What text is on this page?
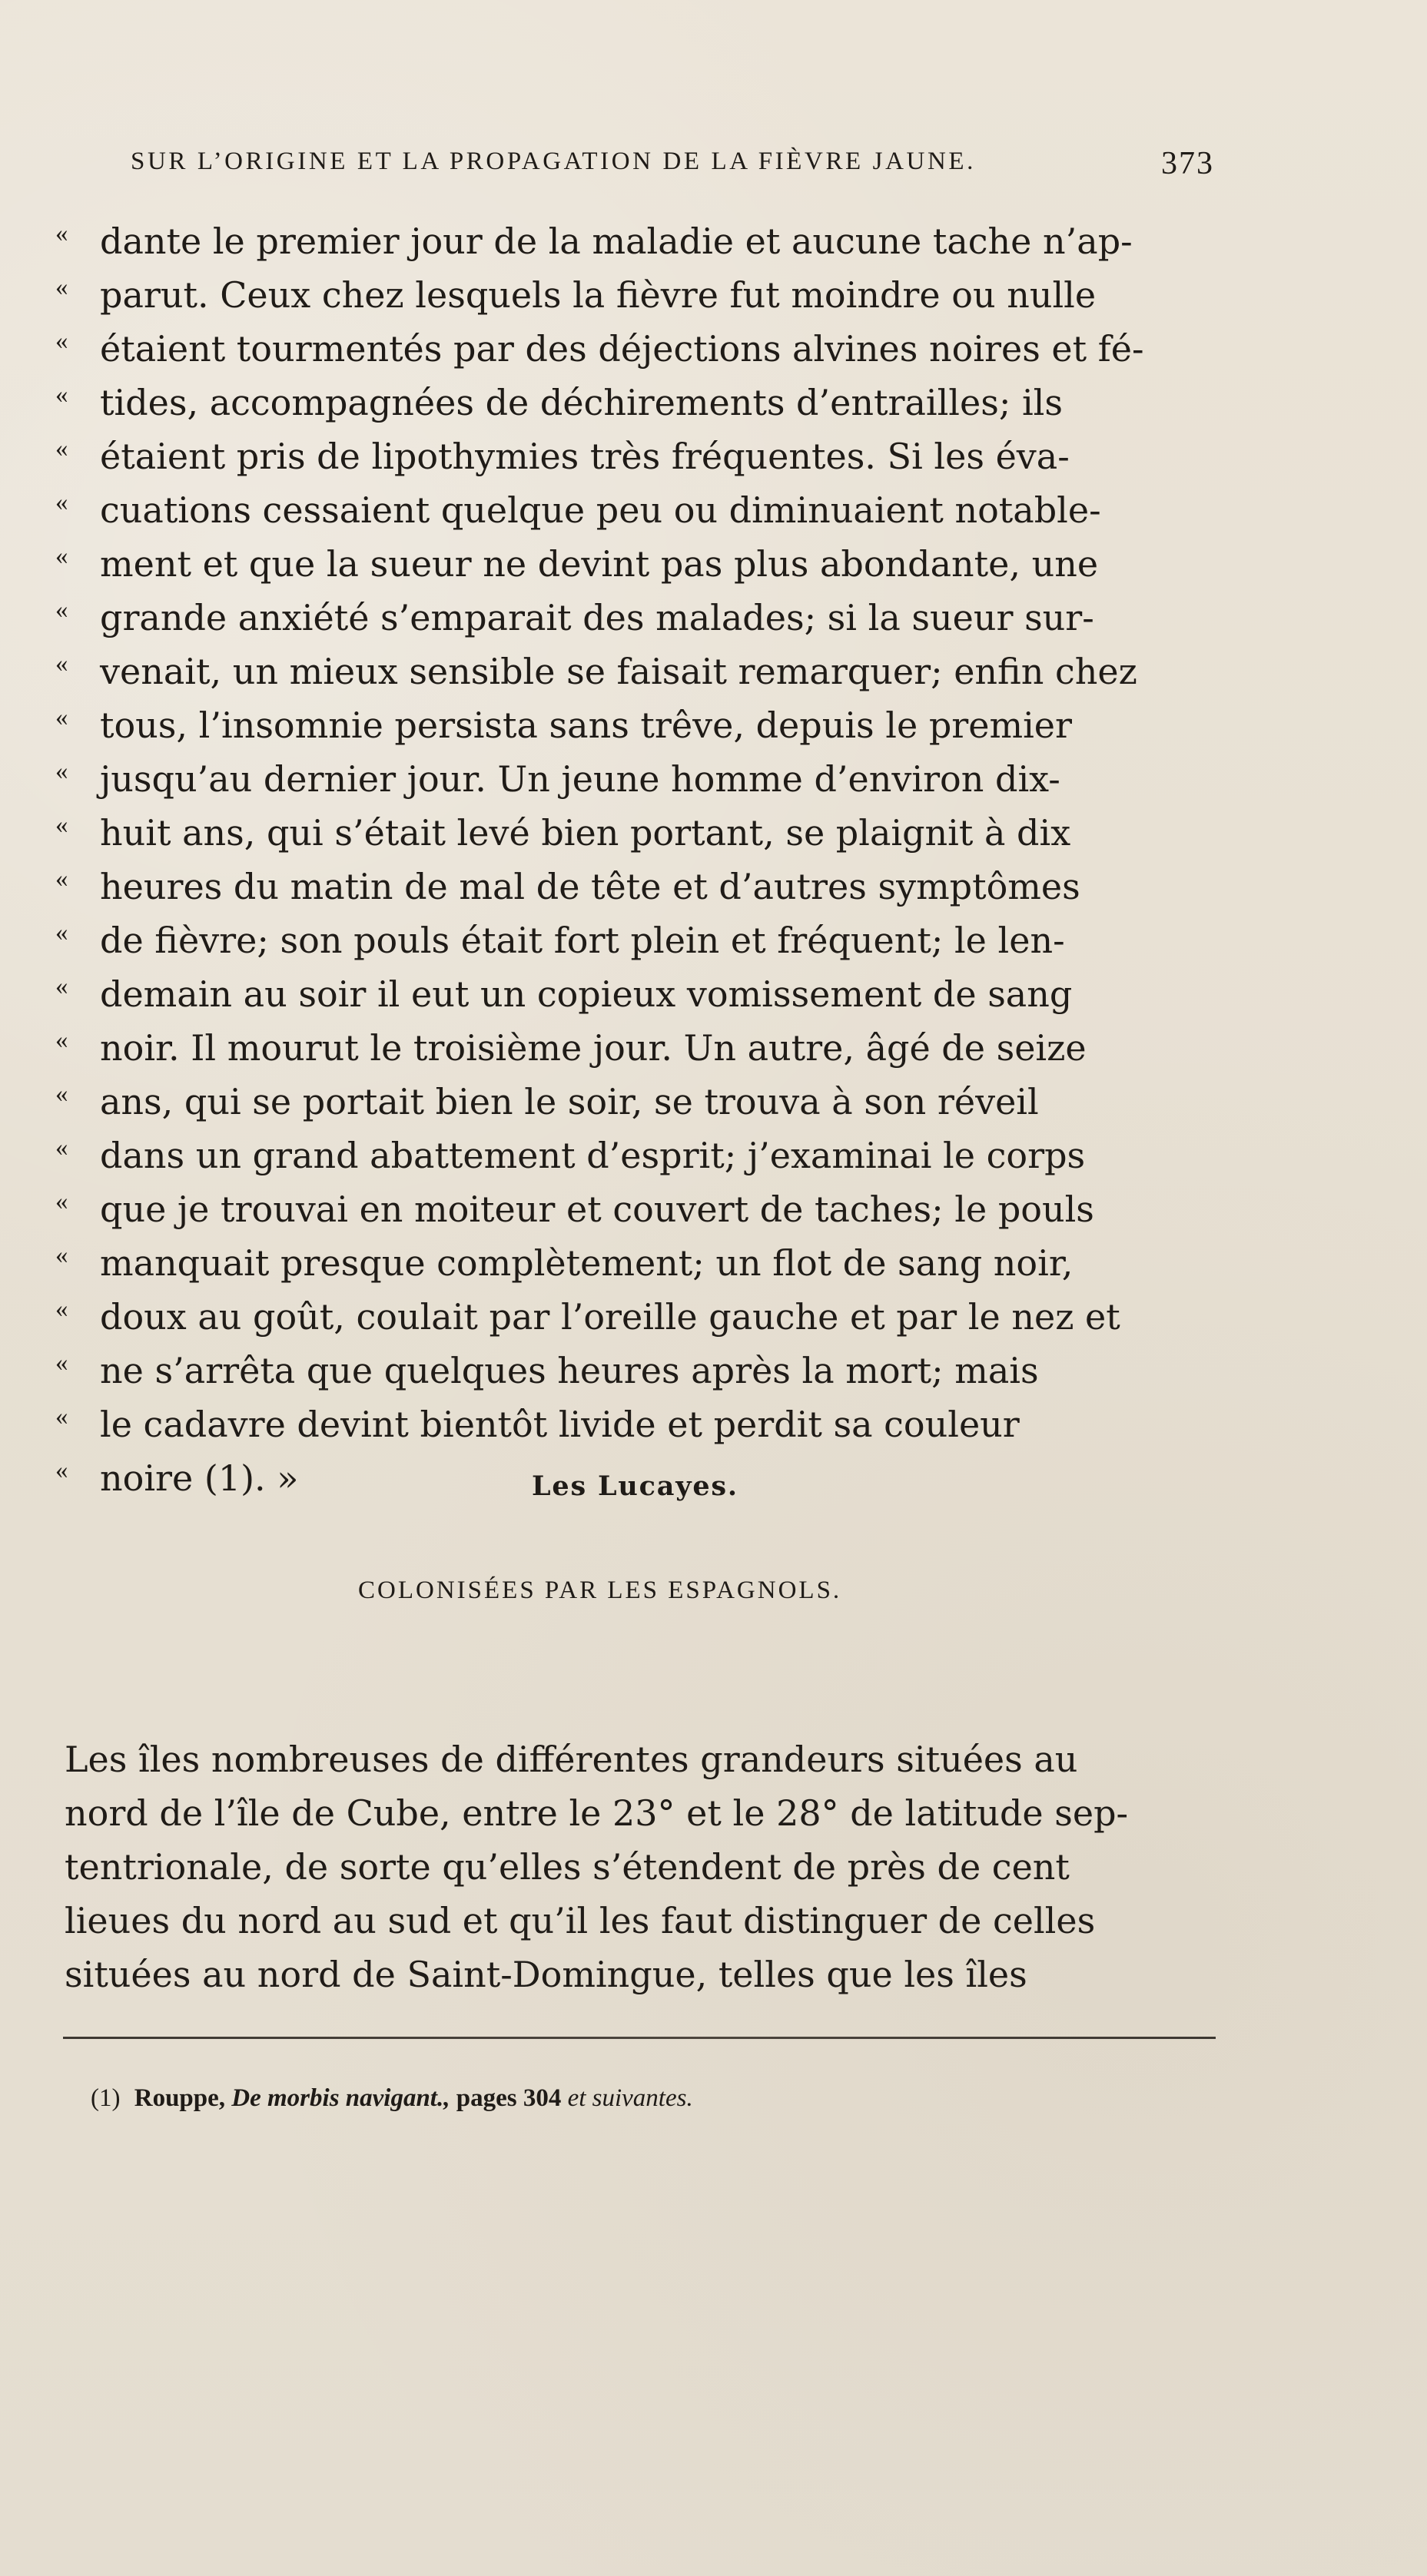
SUR L’ORIGINE ET LA PROPAGATION DE LA FIÈVRE JAUNE.	373
« dante le premier jour de la maladie et aucune tache n’ap-
« parut. Ceux chez lesquels la fièvre fut moindre ou nulle
« étaient tourmentés par des déjections alvines noires et fé-
« tides, accompagnées de déchirements d’entrailles; ils
« étaient pris de lipothymies très fréquentes. Si les éva-
« cuations cessaient quelque peu ou diminuaient notable-
« ment et que la sueur ne devint pas plus abondante, une
« grande anxiété s’emparait des malades; si la sueur sur-
« venait, un mieux sensible se faisait remarquer; enfin chez
« tous, l’insomnie persista sans trêve, depuis le premier
« jusqu’au dernier jour. Un jeune homme d’environ dix-
« huit ans, qui s’était levé bien portant, se plaignit à dix
« heures du matin de mal de tête et d’autres symptômes
« de fièvre; son pouls était fort plein et fréquent; le len-
« demain au soir il eut un copieux vomissement de sang
« noir. Il mourut le troisième jour. Un autre, âgé de seize
« ans, qui se portait bien le soir, se trouva à son réveil
« dans un grand abattement d’esprit; j’examinai le corps
« que je trouvai en moiteur et couvert de taches; le pouls
« manquait presque complètement; un flot de sang noir,
« doux au goût, coulait par l’oreille gauche et par le nez et
« ne s’arrêta que quelques heures après la mort; mais
« le cadavre devint bientôt livide et perdit sa couleur
« noire (1). »	Les Lucayes.
COLONISÉES PAR LES ESPAGNOLS.
Les îles nombreuses de différentes grandeurs situées au
nord de l’île de Cube, entre le 23° et le 28° de latitude sep-
tentrionale, de sorte qu’elles s’étendent de près de cent
lieues du nord au sud et qu’il les faut distinguer de celles
situées au nord de Saint-Domingue, telles que les îles
(1) Rouppe, De morbis navigant., pages 304 et suivantes.
